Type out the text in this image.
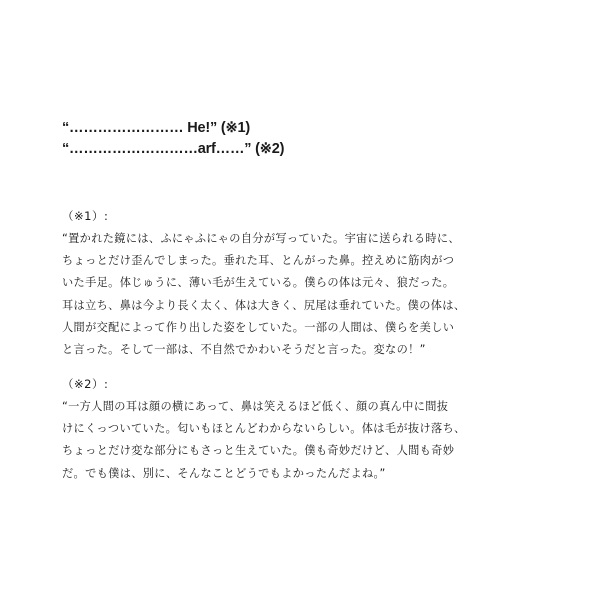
“…………………… He!” (※1)
“………………………arf……” (※2)
（※1）:
“置かれた鏡には、ふにゃふにゃの自分が写っていた。宇宙に送られる時に、
ちょっとだけ歪んでしまった。垂れた耳、とんがった鼻。控えめに筋肉がつ
いた手足。体じゅうに、薄い毛が生えている。僕らの体は元々、狼だった。
耳は立ち、鼻は今より長く太く、体は大きく、尻尾は垂れていた。僕の体は、
人間が交配によって作り出した姿をしていた。一部の人間は、僕らを美しい
と言った。そして一部は、不自然でかわいそうだと言った。変なの！”
（※2）:
“一方人間の耳は顔の横にあって、鼻は笑えるほど低く、顔の真ん中に間抜
けにくっついていた。匂いもほとんどわからないらしい。体は毛が抜け落ち、
ちょっとだけ変な部分にもさっと生えていた。僕も奇妙だけど、人間も奇妙
だ。でも僕は、別に、そんなことどうでもよかったんだよね。”
